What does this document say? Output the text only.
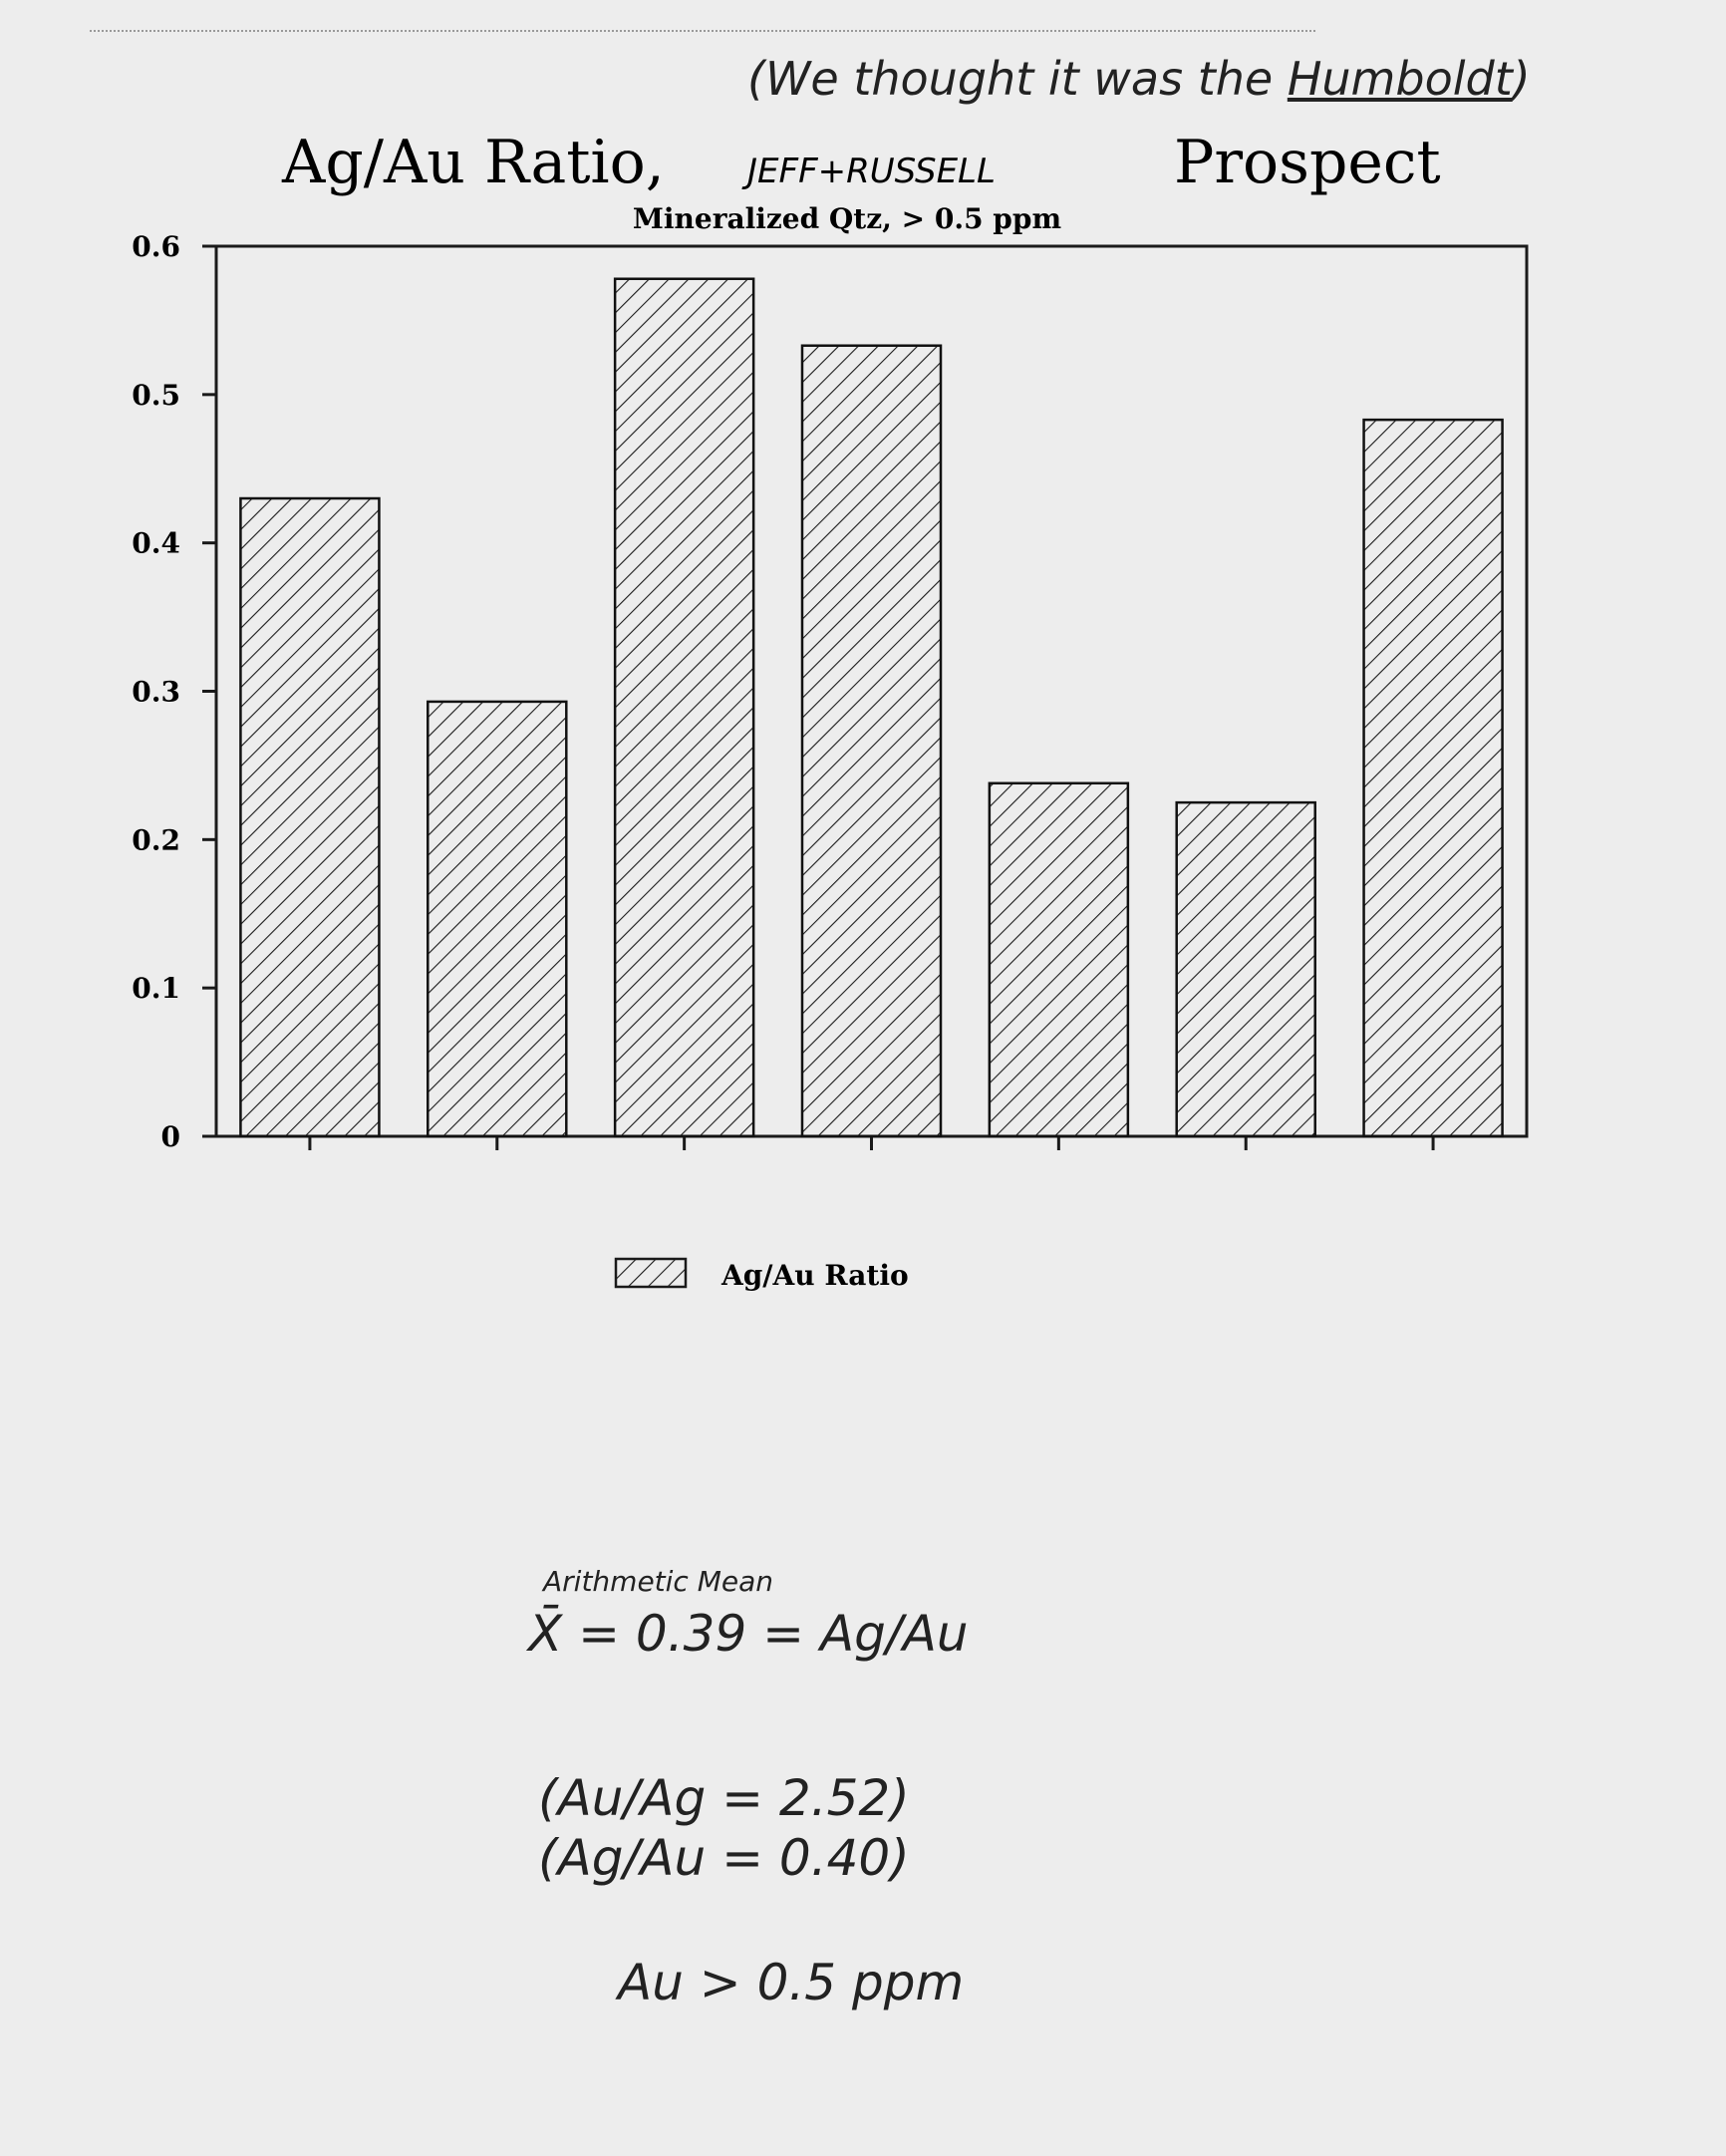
(We thought it was the Humboldt)
Ag/Au Ratio, JEFF+RUSSELL	Prospect
Mineralized Qtz, > 0.5 ppm
0
0.1
0.2
0.3
0.4
0.5
0.6
Ag/Au Ratio
Arithmetic Mean
X̄ = 0.39 = Ag/Au
(Au/Ag = 2.52)
(Ag/Au = 0.40)
Au > 0.5 ppm
